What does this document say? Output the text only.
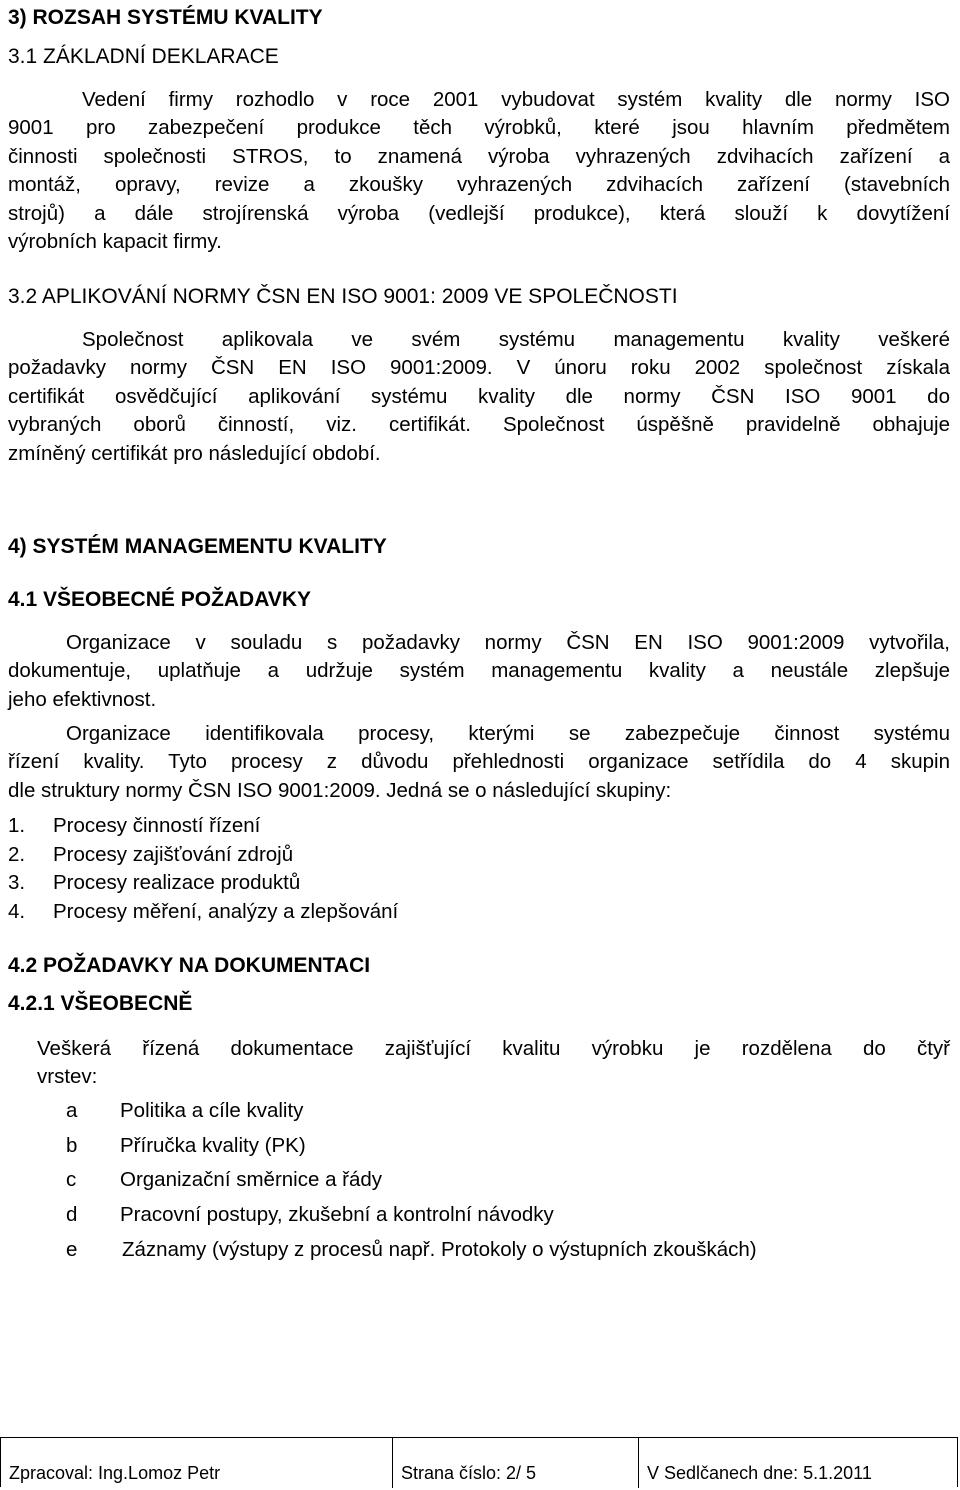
3) ROZSAH SYSTÉMU KVALITY
3.1 ZÁKLADNÍ DEKLARACE
Vedení firmy rozhodlo v roce 2001 vybudovat systém kvality dle normy ISO
9001 pro zabezpečení produkce těch výrobků, které jsou hlavním předmětem
činnosti společnosti STROS, to znamená výroba vyhrazených zdvihacích zařízení a
montáž, opravy, revize a zkoušky vyhrazených zdvihacích zařízení (stavebních
strojů) a dále strojírenská výroba (vedlejší produkce), která slouží k dovytížení
výrobních kapacit firmy.
3.2 APLIKOVÁNÍ NORMY ČSN EN ISO 9001: 2009 VE SPOLEČNOSTI
Společnost aplikovala ve svém systému managementu kvality veškeré
požadavky normy ČSN EN ISO 9001:2009. V únoru roku 2002 společnost získala
certifikát osvědčující aplikování systému kvality dle normy ČSN ISO 9001 do
vybraných oborů činností, viz. certifikát. Společnost úspěšně pravidelně obhajuje
zmíněný certifikát pro následující období.
4) SYSTÉM MANAGEMENTU KVALITY
4.1 VŠEOBECNÉ POŽADAVKY
Organizace v souladu s požadavky normy ČSN EN ISO 9001:2009 vytvořila,
dokumentuje, uplatňuje a udržuje systém managementu kvality a neustále zlepšuje
jeho efektivnost.
Organizace identifikovala procesy, kterými se zabezpečuje činnost systému
řízení kvality. Tyto procesy z důvodu přehlednosti organizace setřídila do 4 skupin
dle struktury normy ČSN ISO 9001:2009. Jedná se o následující skupiny:
1. Procesy činností řízení
2. Procesy zajišťování zdrojů
3. Procesy realizace produktů
4. Procesy měření, analýzy a zlepšování
4.2 POŽADAVKY NA DOKUMENTACI
4.2.1 VŠEOBECNĚ
Veškerá řízená dokumentace zajišťující kvalitu výrobku je rozdělena do čtyř
vrstev:
a Politika a cíle kvality
b Příručka kvality (PK)
c Organizační směrnice a řády
d Pracovní postupy, zkušební a kontrolní návodky
e Záznamy (výstupy z procesů např. Protokoly o výstupních zkouškách)
Zpracoval: Ing.Lomoz Petr	Strana číslo: 2/ 5	V Sedlčanech dne: 5.1.2011
